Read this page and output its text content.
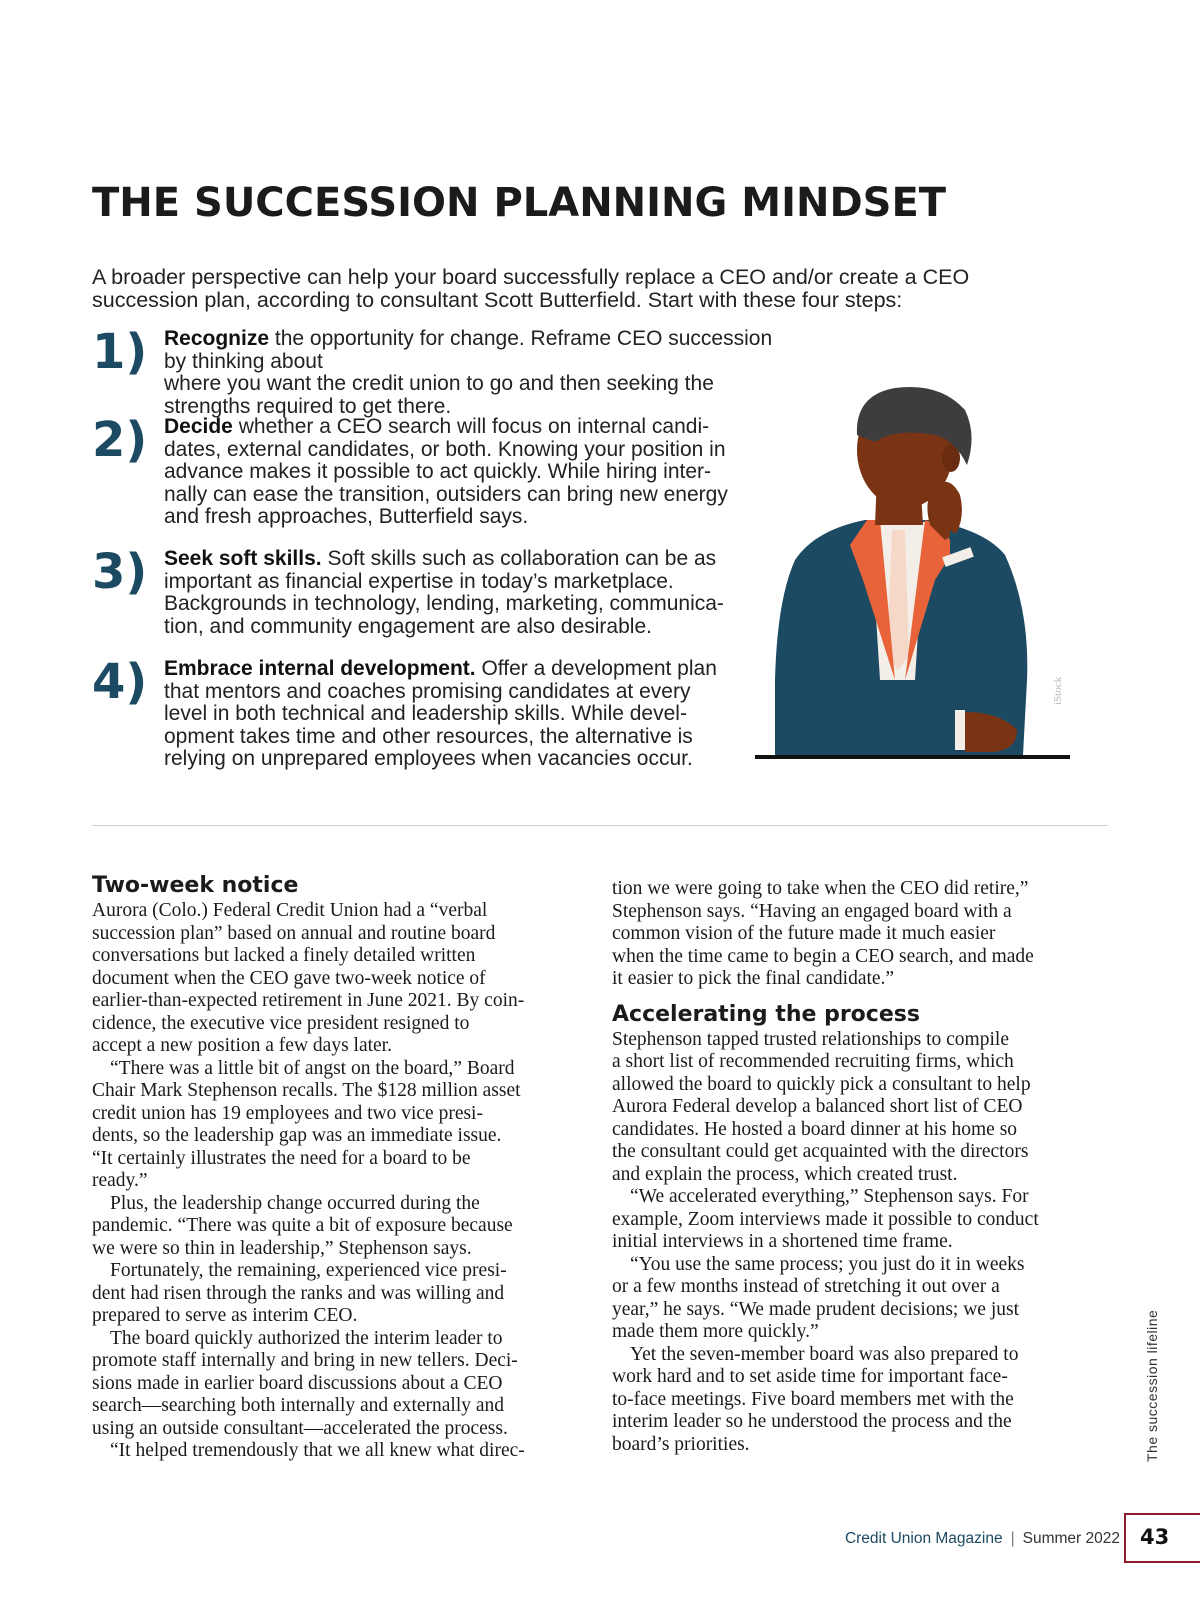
THE SUCCESSION PLANNING MINDSET

A broader perspective can help your board successfully replace a CEO and/or create a CEO succession plan, according to consultant Scott Butterfield. Start with these four steps:

1) Recognize the opportunity for change. Reframe CEO succession by thinking about
where you want the credit union to go and then seeking the
strengths required to get there.
2) Decide whether a CEO search will focus on internal candi-
dates, external candidates, or both. Knowing your position in
advance makes it possible to act quickly. While hiring inter-
nally can ease the transition, outsiders can bring new energy
and fresh approaches, Butterfield says.
3) Seek soft skills. Soft skills such as collaboration can be as
important as financial expertise in today’s marketplace.
Backgrounds in technology, lending, marketing, communica-
tion, and community engagement are also desirable.
4) Embrace internal development. Offer a development plan
that mentors and coaches promising candidates at every
level in both technical and leadership skills. While devel-
opment takes time and other resources, the alternative is
relying on unprepared employees when vacancies occur.
iStock
Two-week notice

Aurora (Colo.) Federal Credit Union had a “verbal
succession plan” based on annual and routine board
conversations but lacked a finely detailed written
document when the CEO gave two-week notice of
earlier-than-expected retirement in June 2021. By coin-
cidence, the executive vice president resigned to
accept a new position a few days later.

“There was a little bit of angst on the board,” Board
Chair Mark Stephenson recalls. The $128 million asset
credit union has 19 employees and two vice presi-
dents, so the leadership gap was an immediate issue.
“It certainly illustrates the need for a board to be
ready.”

Plus, the leadership change occurred during the
pandemic. “There was quite a bit of exposure because
we were so thin in leadership,” Stephenson says.

Fortunately, the remaining, experienced vice presi-
dent had risen through the ranks and was willing and
prepared to serve as interim CEO.

The board quickly authorized the interim leader to
promote staff internally and bring in new tellers. Deci-
sions made in earlier board discussions about a CEO
search—searching both internally and externally and
using an outside consultant—accelerated the process.

“It helped tremendously that we all knew what direc-

tion we were going to take when the CEO did retire,”
Stephenson says. “Having an engaged board with a
common vision of the future made it much easier
when the time came to begin a CEO search, and made
it easier to pick the final candidate.”

Accelerating the process

Stephenson tapped trusted relationships to compile
a short list of recommended recruiting firms, which
allowed the board to quickly pick a consultant to help
Aurora Federal develop a balanced short list of CEO
candidates. He hosted a board dinner at his home so
the consultant could get acquainted with the directors
and explain the process, which created trust.

“We accelerated everything,” Stephenson says. For
example, Zoom interviews made it possible to conduct
initial interviews in a shortened time frame.

“You use the same process; you just do it in weeks
or a few months instead of stretching it out over a
year,” he says. “We made prudent decisions; we just
made them more quickly.”

Yet the seven-member board was also prepared to
work hard and to set aside time for important face-
to-face meetings. Five board members met with the
interim leader so he understood the process and the
board’s priorities.	The succession lifeline
Credit Union Magazine | Summer 2022 43
